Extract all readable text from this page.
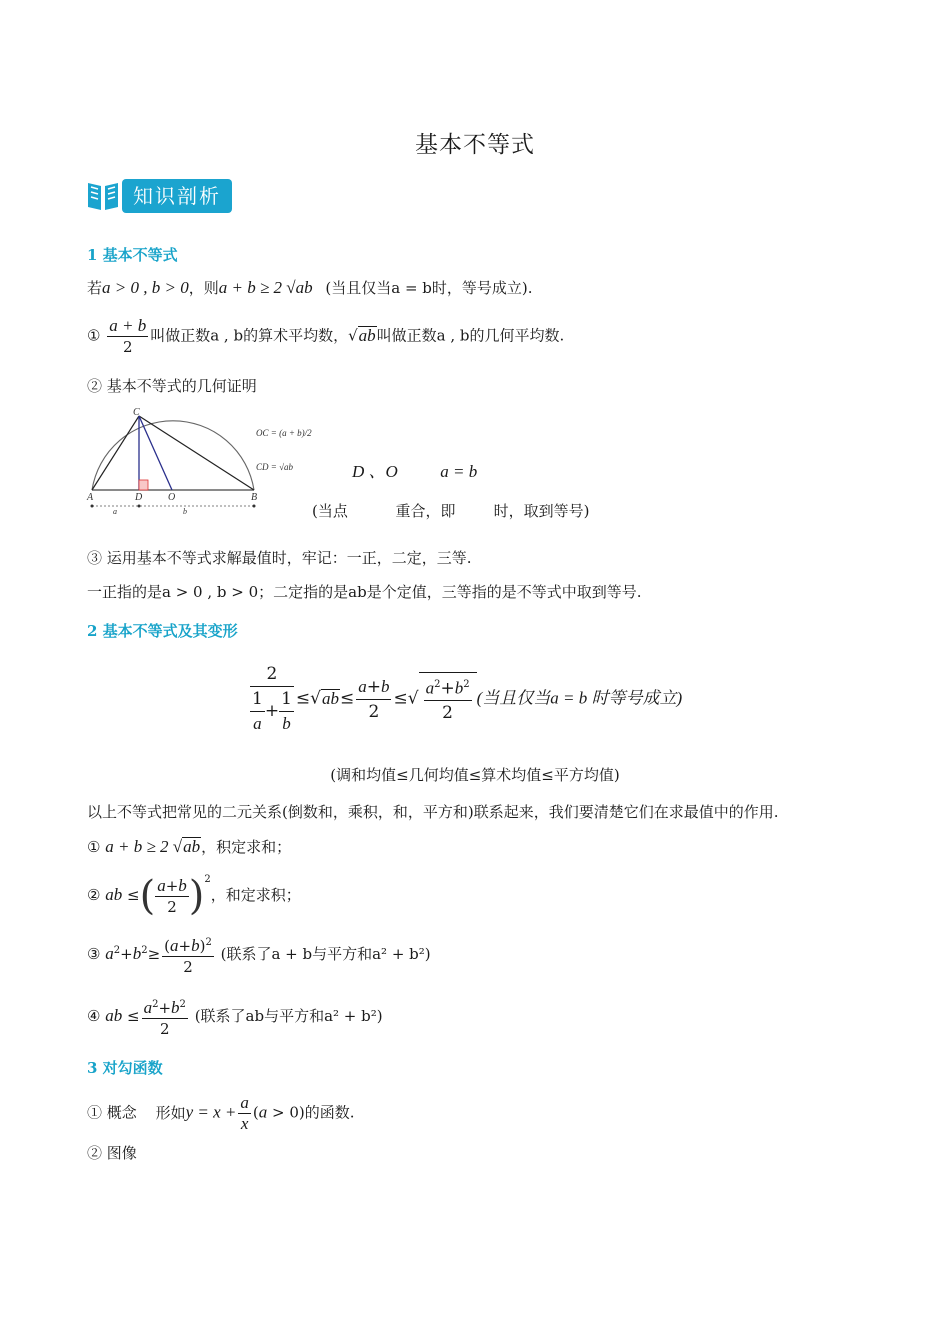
基本不等式
知识剖析
1 基本不等式
若a > 0 , b > 0，则a + b ≥ 2 √ab (当且仅当a = b时，等号成立).
① $\frac{a + b}{2}$ 叫做正数a , b的算术平均数，√ab叫做正数a , b的几何平均数.
② 基本不等式的几何证明
C
A	D	O	B
a	b
OC = (a + b)/2
CD = √ab	D 、O          a = b
(当点          重合，即        时，取到等号)
③ 运用基本不等式求解最值时，牢记：一正，二定，三等.
一正指的是a > 0 , b > 0；二定指的是ab是个定值，三等指的是不等式中取到等号.
2 基本不等式及其变形
$\frac{2}{\frac{1}{a} + \frac{1}{b}} \le√ab\le \frac{a+b}{2}$ ≤√ $\frac{a^2+b^2}{2}$ (当且仅当a = b 时等号成立)
(调和均值≤几何均值≤算术均值≤平方均值)
以上不等式把常见的二元关系(倒数和，乘积，和，平方和)联系起来，我们要清楚它们在求最值中的作用.
① a + b ≥ 2 √ab，积定求和；
② ab ≤( $\frac{a+b}{2} )^2$，和定求积；
③ $a^2+b^2\ge \frac{(a+b)^2}{2}$ (联系了a + b与平方和a² + b²)
④ ab ≤ $\frac{a^2+b^2}{2}$ (联系了ab与平方和a² + b²)
3 对勾函数
① 概念 形如$y = x + \frac{a}{x} (a > 0)$的函数.
② 图像
